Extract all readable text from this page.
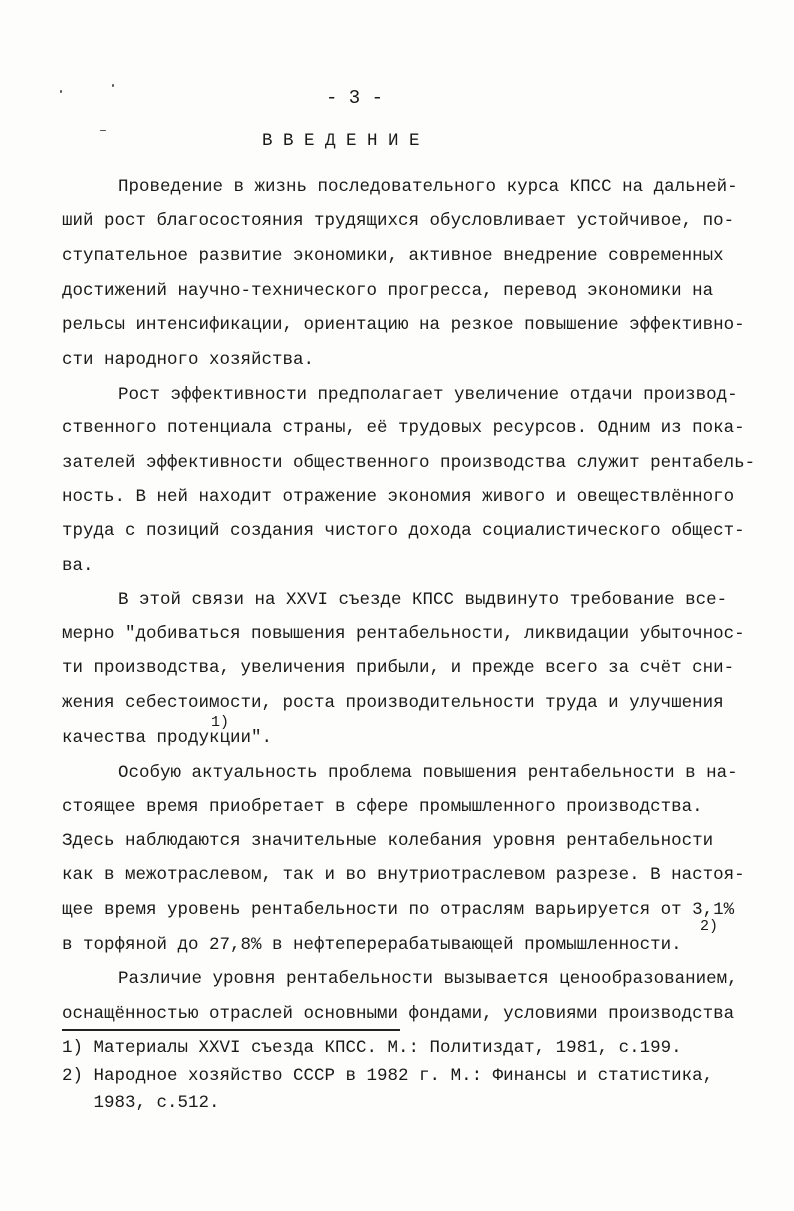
- 3 -
В В Е Д Е Н И Е
Проведение в жизнь последовательного курса КПСС на дальней-
ший рост благосостояния трудящихся обусловливает устойчивое, по-
ступательное развитие экономики, активное внедрение современных
достижений научно-технического прогресса, перевод экономики на
рельсы интенсификации, ориентацию на резкое повышение эффективно-
сти народного хозяйства.
Рост эффективности предполагает увеличение отдачи производ-
ственного потенциала страны, её трудовых ресурсов. Одним из пока-
зателей эффективности общественного производства служит рентабель-
ность. В ней находит отражение экономия живого и овеществлённого
труда с позиций создания чистого дохода социалистического общест-
ва.
В этой связи на ХХVI съезде КПСС выдвинуто требование все-
мерно "добиваться повышения рентабельности, ликвидации убыточнос-
ти производства, увеличения прибыли, и прежде всего за счёт сни-
жения себестоимости, роста производительности труда и улучшения
качества продукции".
Особую актуальность проблема повышения рентабельности в на-
стоящее время приобретает в сфере промышленного производства.
Здесь наблюдаются значительные колебания уровня рентабельности
как в межотраслевом, так и во внутриотраслевом разрезе. В настоя-
щее время уровень рентабельности по отраслям варьируется от 3,1%
в торфяной до 27,8% в нефтеперерабатывающей промышленности.
Различие уровня рентабельности вызывается ценообразованием,
оснащённостью отраслей основными фондами, условиями производства
1)
2)
1) Материалы ХХVI съезда КПСС. М.: Политиздат, 1981, с.199.
2) Народное хозяйство СССР в 1982 г. М.: Финансы и статистика,
1983, с.512.
